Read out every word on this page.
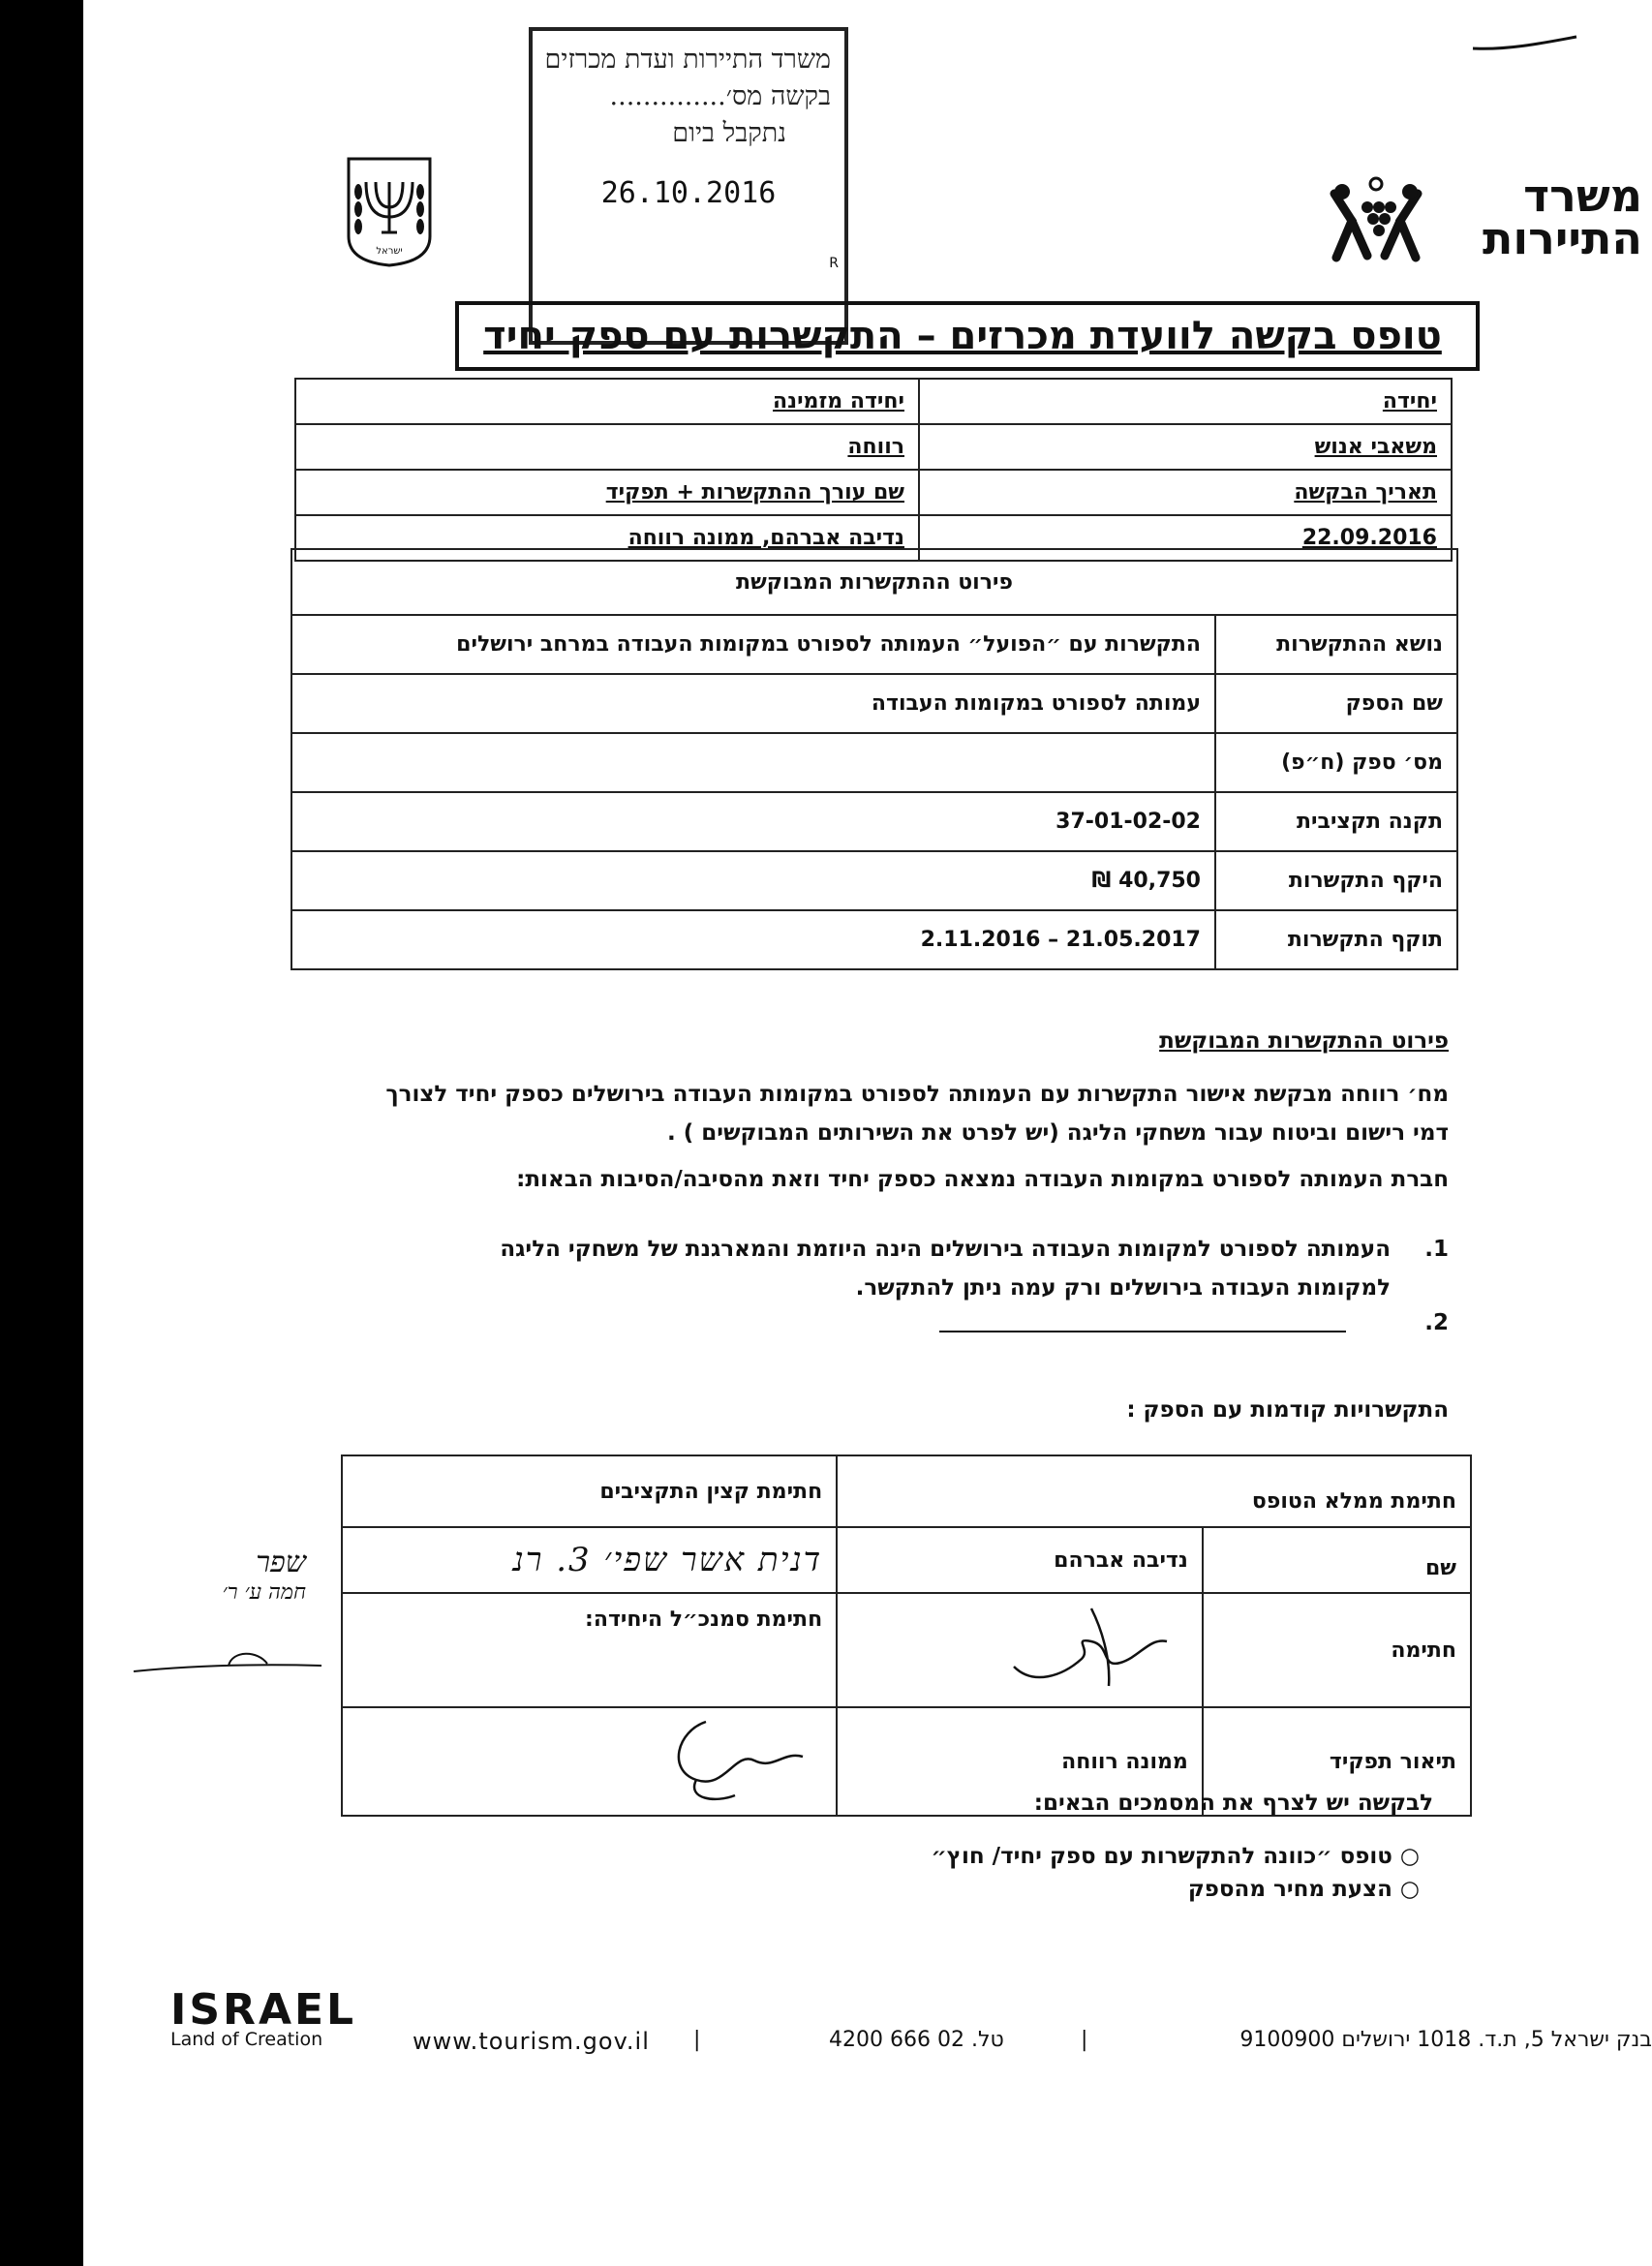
ישראל
משרד
התיירות
משרד התיירות ועדת מכרזים
בקשה מס׳..............
נתקבל ביום
26.10.2016
R
טופס בקשה לוועדת מכרזים – התקשרות עם ספק יחיד
יחידה	יחידה מזמינה
משאבי אנוש	רווחה
תאריך הבקשה	שם עורך ההתקשרות + תפקיד
22.09.2016	נדיבה אברהם, ממונה רווחה
פירוט ההתקשרות המבוקשת	
נושא ההתקשרות	התקשרות עם ״הפועל״ העמותה לספורט במקומות העבודה במרחב ירושלים
שם הספק	עמותה לספורט במקומות העבודה
מס׳ ספק (ח״פ)	
תקנה תקציבית	37-01-02-02
היקף התקשרות	40,750 ₪
תוקף התקשרות	21.05.2017 – 2.11.2016
פירוט ההתקשרות המבוקשת
מח׳ רווחה מבקשת אישור התקשרות עם העמותה לספורט במקומות העבודה בירושלים כספק יחיד לצורך
דמי רישום וביטוח עבור משחקי הליגה (יש לפרט את השירותים המבוקשים ) .
חברת העמותה לספורט במקומות העבודה נמצאה כספק יחיד וזאת מהסיבה/הסיבות הבאות:
.1
העמותה לספורט למקומות העבודה בירושלים הינה היוזמת והמארגנת של משחקי הליגה
למקומות העבודה בירושלים ורק עמה ניתן להתקשר.
.2
התקשרויות קודמות עם הספק :
חתימת ממלא הטופס		חתימת קצין התקציבים
שם	נדיבה אברהם	דנית אשר שפי׳ 3. רנ

חתימה		חתימת סמנכ״ל היחידה:
תיאור תפקיד	ממונה רווחה	
שפר
חמה ע׳ ר׳
לבקשה יש לצרף את המסמכים הבאים:
○ טופס ״כוונה להתקשרות עם ספק יחיד/ חוץ״
○ הצעת מחיר מהספק
ISRAEL
Land of Creation	www.tourism.gov.il |	טל. 02 666 4200	|	בנק ישראל 5, ת.ד. 1018 ירושלים 9100900
